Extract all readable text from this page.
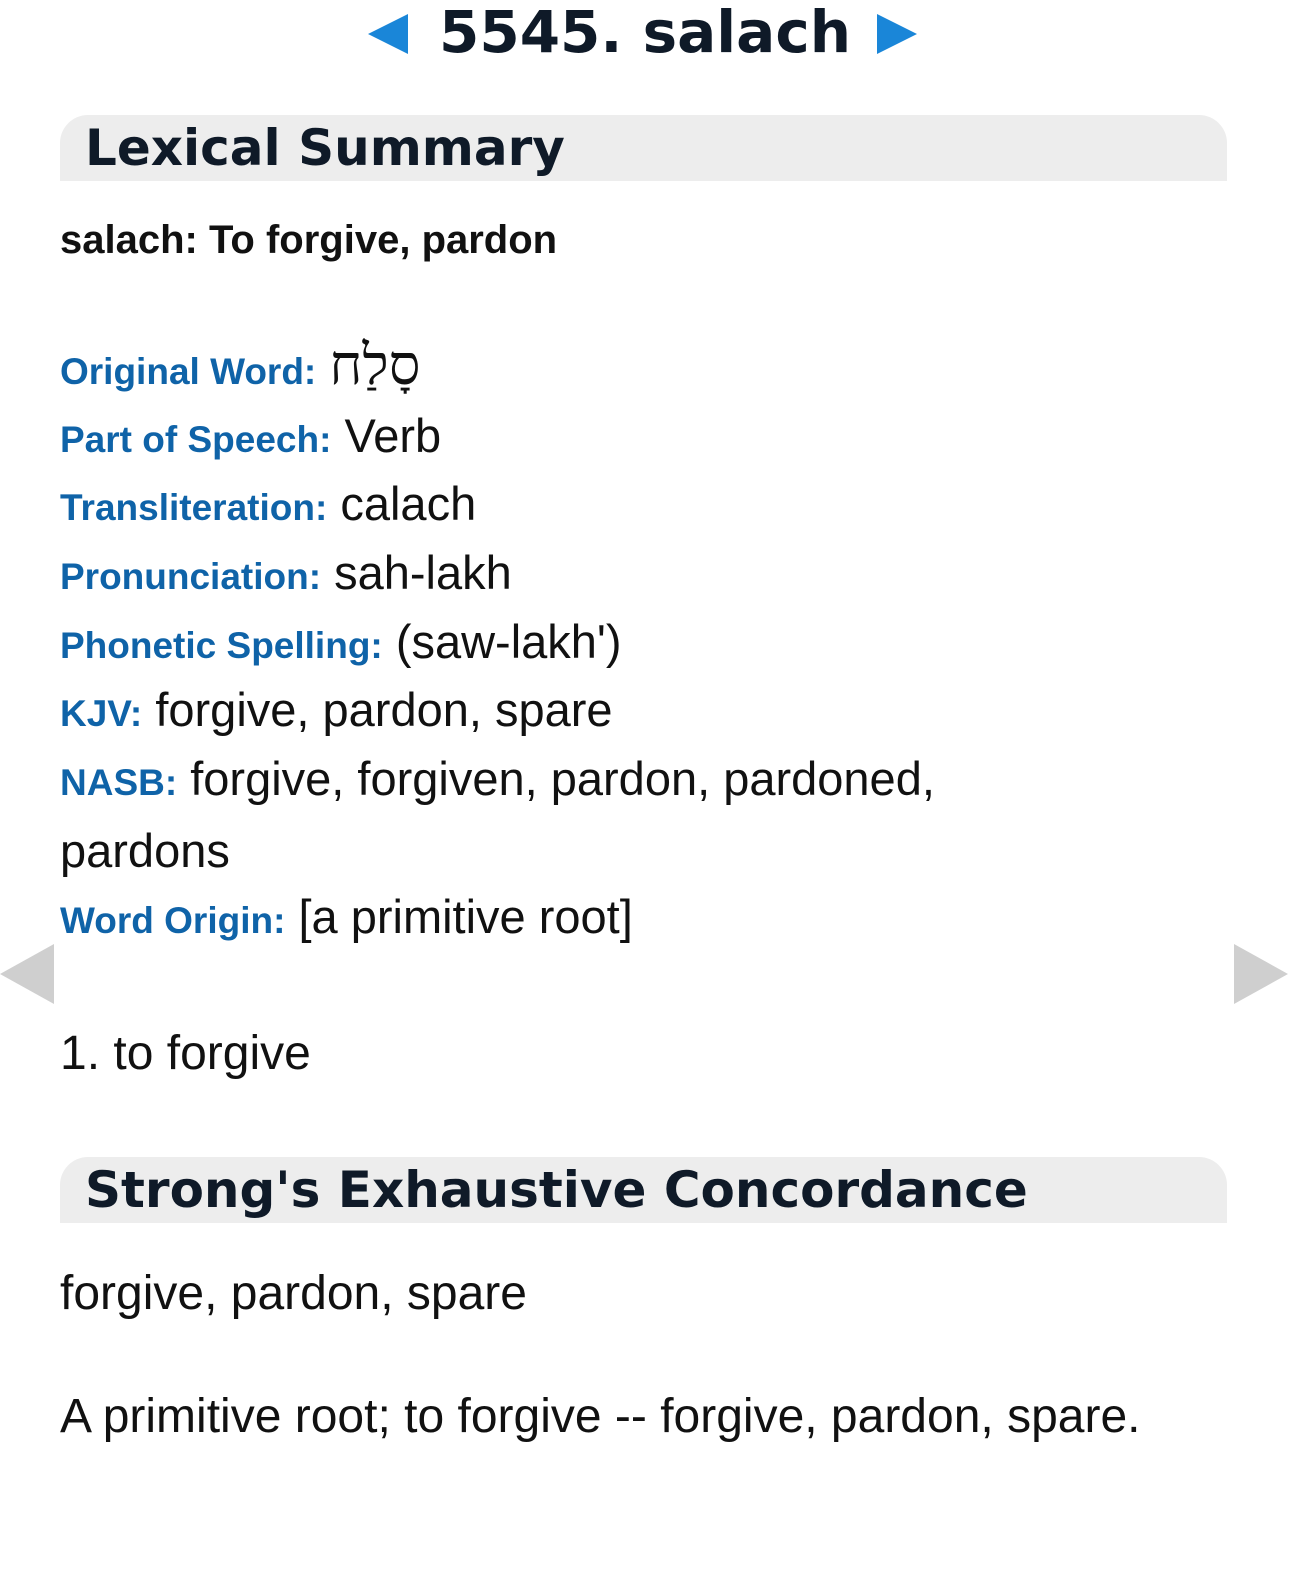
5545. salach
Lexical Summary

salach: To forgive, pardon

Original Word: סָלַח

Part of Speech: Verb

Transliteration: calach

Pronunciation: sah-lakh

Phonetic Spelling: (saw-lakh')

KJV: forgive, pardon, spare

NASB: forgive, forgiven, pardon, pardoned, pardons

Word Origin: [a primitive root]

1. to forgive

Strong's Exhaustive Concordance

forgive, pardon, spare

A primitive root; to forgive -- forgive, pardon, spare.
